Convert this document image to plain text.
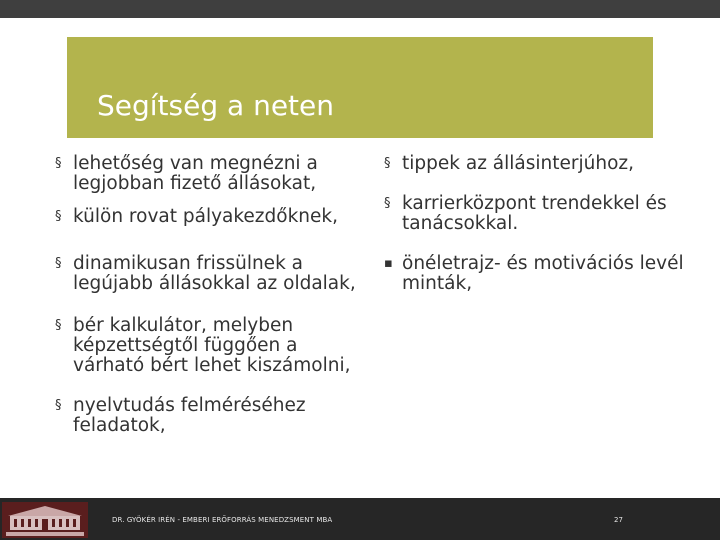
Segítség a neten
§ lehetőség van megnézni a
legjobban fizető állásokat,
§ külön rovat pályakezdőknek,
§ dinamikusan frissülnek a
legújabb állásokkal az oldalak,
§ bér kalkulátor, melyben
képzettségtől függően a
várható bért lehet kiszámolni,
§ nyelvtudás felméréséhez
feladatok,
§ tippek az állásinterjúhoz,
§ karrierközpont trendekkel és
tanácsokkal.
▪ önéletrajz- és motivációs levél
minták,
DR. GYÖKÉR IRÉN - EMBERI ERŐFORRÁS MENEDZSMENT MBA	27
